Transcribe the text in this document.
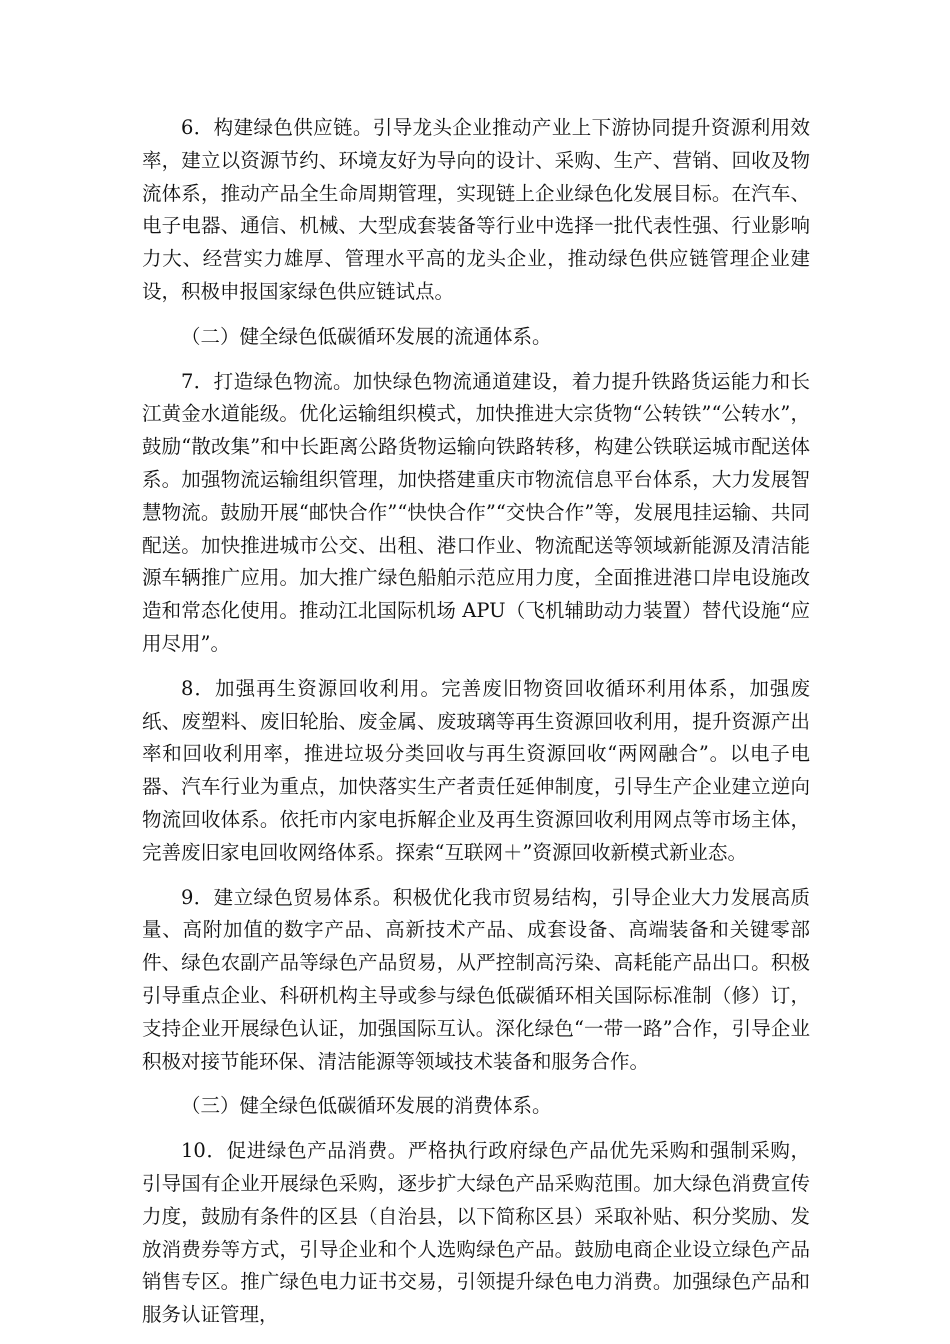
6．构建绿色供应链。引导龙头企业推动产业上下游协同提升资源利用效率，建立以资源节约、环境友好为导向的设计、采购、生产、营销、回收及物流体系，推动产品全生命周期管理，实现链上企业绿色化发展目标。在汽车、电子电器、通信、机械、大型成套装备等行业中选择一批代表性强、行业影响力大、经营实力雄厚、管理水平高的龙头企业，推动绿色供应链管理企业建设，积极申报国家绿色供应链试点。

（二）健全绿色低碳循环发展的流通体系。

7．打造绿色物流。加快绿色物流通道建设，着力提升铁路货运能力和长江黄金水道能级。优化运输组织模式，加快推进大宗货物“公转铁”“公转水”，鼓励“散改集”和中长距离公路货物运输向铁路转移，构建公铁联运城市配送体系。加强物流运输组织管理，加快搭建重庆市物流信息平台体系，大力发展智慧物流。鼓励开展“邮快合作”“快快合作”“交快合作”等，发展甩挂运输、共同配送。加快推进城市公交、出租、港口作业、物流配送等领域新能源及清洁能源车辆推广应用。加大推广绿色船舶示范应用力度，全面推进港口岸电设施改造和常态化使用。推动江北国际机场 APU（飞机辅助动力装置）替代设施“应用尽用”。

8．加强再生资源回收利用。完善废旧物资回收循环利用体系，加强废纸、废塑料、废旧轮胎、废金属、废玻璃等再生资源回收利用，提升资源产出率和回收利用率，推进垃圾分类回收与再生资源回收“两网融合”。以电子电器、汽车行业为重点，加快落实生产者责任延伸制度，引导生产企业建立逆向物流回收体系。依托市内家电拆解企业及再生资源回收利用网点等市场主体，完善废旧家电回收网络体系。探索“互联网＋”资源回收新模式新业态。

9．建立绿色贸易体系。积极优化我市贸易结构，引导企业大力发展高质量、高附加值的数字产品、高新技术产品、成套设备、高端装备和关键零部件、绿色农副产品等绿色产品贸易，从严控制高污染、高耗能产品出口。积极引导重点企业、科研机构主导或参与绿色低碳循环相关国际标准制（修）订，支持企业开展绿色认证，加强国际互认。深化绿色“一带一路”合作，引导企业积极对接节能环保、清洁能源等领域技术装备和服务合作。

（三）健全绿色低碳循环发展的消费体系。

10．促进绿色产品消费。严格执行政府绿色产品优先采购和强制采购，引导国有企业开展绿色采购，逐步扩大绿色产品采购范围。加大绿色消费宣传力度，鼓励有条件的区县（自治县，以下简称区县）采取补贴、积分奖励、发放消费券等方式，引导企业和个人选购绿色产品。鼓励电商企业设立绿色产品销售专区。推广绿色电力证书交易，引领提升绿色电力消费。加强绿色产品和服务认证管理，
